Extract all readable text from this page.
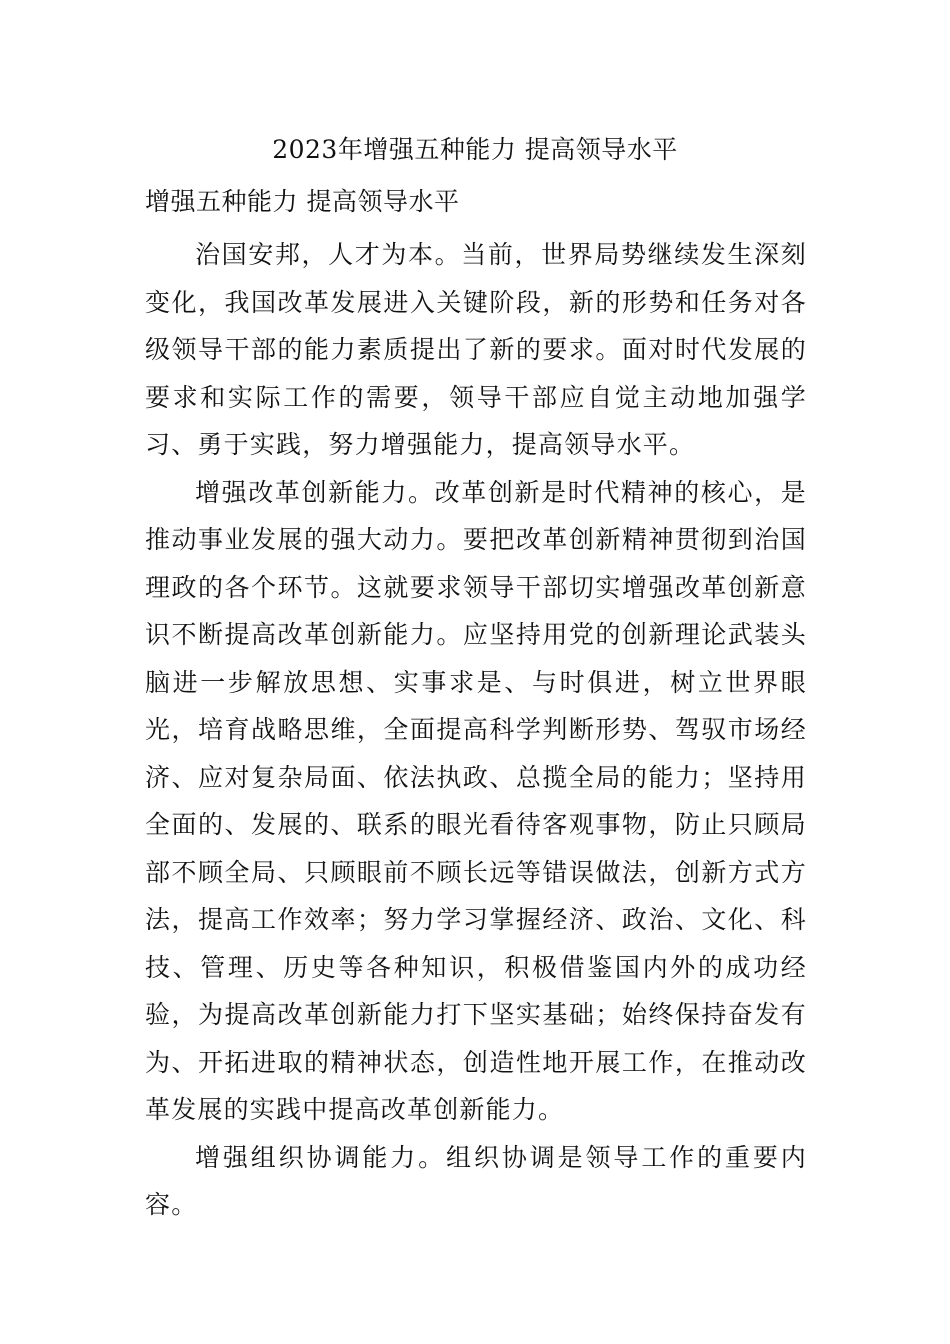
2023年增强五种能力 提高领导水平
增强五种能力 提高领导水平

治国安邦，人才为本。当前，世界局势继续发生深刻变化，我国改革发展进入关键阶段，新的形势和任务对各级领导干部的能力素质提出了新的要求。面对时代发展的要求和实际工作的需要，领导干部应自觉主动地加强学习、勇于实践，努力增强能力，提高领导水平。

增强改革创新能力。改革创新是时代精神的核心，是推动事业发展的强大动力。要把改革创新精神贯彻到治国理政的各个环节。这就要求领导干部切实增强改革创新意识不断提高改革创新能力。应坚持用党的创新理论武装头脑进一步解放思想、实事求是、与时俱进，树立世界眼光，培育战略思维，全面提高科学判断形势、驾驭市场经济、应对复杂局面、依法执政、总揽全局的能力；坚持用全面的、发展的、联系的眼光看待客观事物，防止只顾局部不顾全局、只顾眼前不顾长远等错误做法，创新方式方法，提高工作效率；努力学习掌握经济、政治、文化、科技、管理、历史等各种知识，积极借鉴国内外的成功经验，为提高改革创新能力打下坚实基础；始终保持奋发有为、开拓进取的精神状态，创造性地开展工作，在推动改革发展的实践中提高改革创新能力。

增强组织协调能力。组织协调是领导工作的重要内容。
